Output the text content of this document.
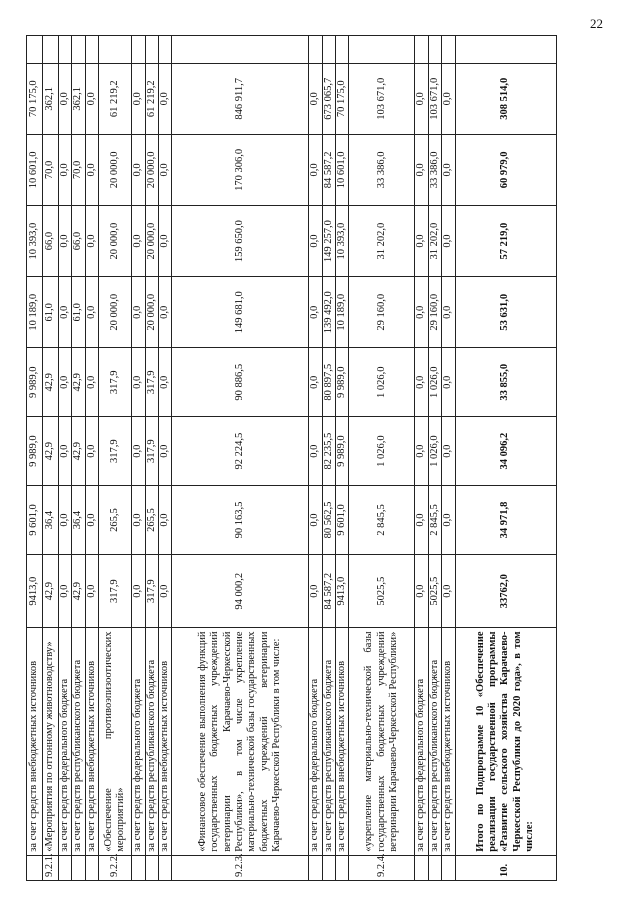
22
	за счет средств внебюджетных источников	9413,0	9 601,0	9 989,0	9 989,0	10 189,0	10 393,0	10 601,0	70 175,0	
9.2.1.	«Мероприятия по оттонному животноводству»	42,9	36,4	42,9	42,9	61,0	66,0	70,0	362,1	
	за счет средств федерального бюджета	0,0	0,0	0,0	0,0	0,0	0,0	0,0	0,0	
	за счет средств республиканского бюджета	42,9	36,4	42,9	42,9	61,0	66,0	70,0	362,1	
	за счет средств внебюджетных источников	0,0	0,0	0,0	0,0	0,0	0,0	0,0	0,0	
9.2.2.	«Обеспечение противоэпизоотических мероприятий»	317,9	265,5	317,9	317,9	20 000,0	20 000,0	20 000,0	61 219,2	
	за счет средств федерального бюджета	0,0	0,0	0,0	0,0	0,0	0,0	0,0	0,0	
	за счет средств республиканского бюджета	317,9	265,5	317,9	317,9	20 000,0	20 000,0	20 000,0	61 219,2	
	за счет средств внебюджетных источников	0,0	0,0	0,0	0,0	0,0	0,0	0,0	0,0	
9.2.3.	«Финансовое обеспечение выполнения функций государственных бюджетных учреждений ветеринарии Карачаево-Черкесской Республики», в том числе укрепление материально-технической базы государственных бюджетных учреждений ветеринарии Карачаево-Черкесской Республики в том числе:	94 000,2	90 163,5	92 224,5	90 886,5	149 681,0	159 650,0	170 306,0	846 911,7	
	за счет средств федерального бюджета	0,0	0,0	0,0	0,0	0,0	0,0	0,0	0,0	
	за счет средств республиканского бюджета	84 587,2	80 562,5	82 235,5	80 897,5	139 492,0	149 257,0	84 587,2	673 065,7	
	за счет средств внебюджетных источников	9413,0	9 601,0	9 989,0	9 989,0	10 189,0	10 393,0	10 601,0	70 175,0	
9.2.4.	«укрепление материально-технической базы государственных бюджетных учреждений ветеринарии Карачаево-Черкесской Республики»	5025,5	2 845,5	1 026,0	1 026,0	29 160,0	31 202,0	33 386,0	103 671,0	
	за счет средств федерального бюджета	0,0	0,0	0,0	0,0	0,0	0,0	0,0	0,0	
	за счет средств республиканского бюджета	5025,5	2 845,5	1 026,0	1 026,0	29 160,0	31 202,0	33 386,0	103 671,0	
	за счет средств внебюджетных источников	0,0	0,0	0,0	0,0	0,0	0,0	0,0	0,0	
10.	Итого по Подпрограмме 10 «Обеспечение реализации государственной программы «Развитие сельского хозяйства Карачаево-Черкесской Республики до 2020 года», в том числе:	33762,0	34 971,8	34 096,2	33 855,0	53 631,0	57 219,0	60 979,0	308 514,0	
